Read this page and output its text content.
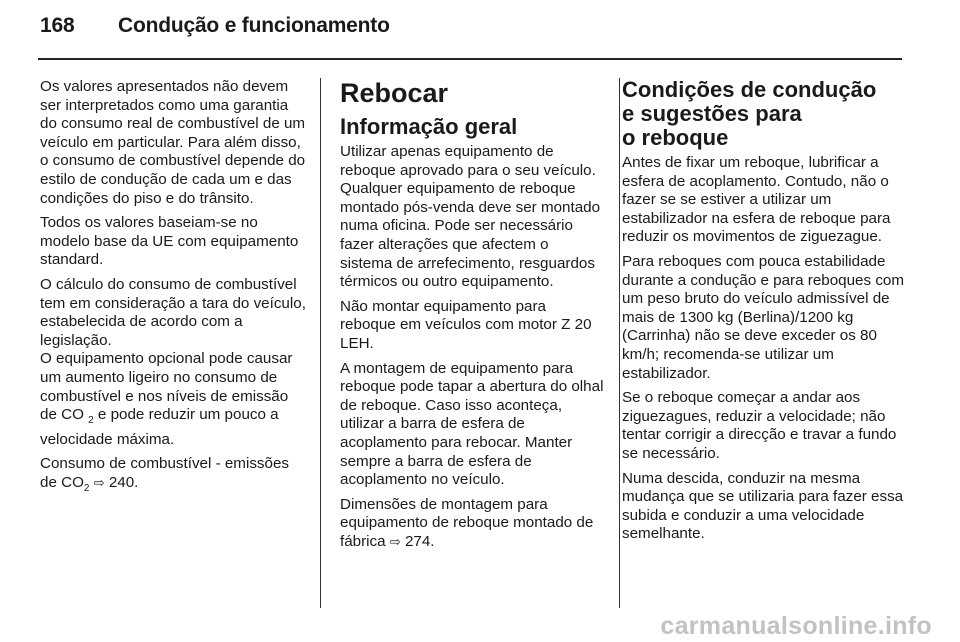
168 Condução e funcionamento

Os valores apresentados não devem ser interpretados como uma garantia do consumo real de combustível de um veículo em particular. Para além disso, o consumo de combustível depende do estilo de condução de cada um e das condições do piso e do trânsito.

Todos os valores baseiam-se no modelo base da UE com equipamento standard.

O cálculo do consumo de combustível tem em consideração a tara do veículo, estabelecida de acordo com a legislação.

O equipamento opcional pode causar um aumento ligeiro no consumo de combustível e nos níveis de emissão de CO $_2$ e pode reduzir um pouco a velocidade máxima.

Consumo de combustível - emissões de $CO_2$ ⇨ 240.

Rebocar
Informação geral

Utilizar apenas equipamento de reboque aprovado para o seu veículo. Qualquer equipamento de reboque montado pós-venda deve ser montado numa oficina. Pode ser necessário fazer alterações que afectem o sistema de arrefecimento, resguardos térmicos ou outro equipamento.

Não montar equipamento para reboque em veículos com motor Z 20 LEH.

A montagem de equipamento para reboque pode tapar a abertura do olhal de reboque. Caso isso aconteça, utilizar a barra de esfera de acoplamento para rebocar. Manter sempre a barra de esfera de acoplamento no veículo.

Dimensões de montagem para equipamento de reboque montado de fábrica ⇨ 274.

Condições de condução
e sugestões para
o reboque

Antes de fixar um reboque, lubrificar a esfera de acoplamento. Contudo, não o fazer se se estiver a utilizar um estabilizador na esfera de reboque para reduzir os movimentos de ziguezague.

Para reboques com pouca estabilidade durante a condução e para reboques com um peso bruto do veículo admissível de mais de 1300 kg (Berlina)/1200 kg (Carrinha) não se deve exceder os 80 km/h; recomenda-se utilizar um estabilizador.

Se o reboque começar a andar aos ziguezagues, reduzir a velocidade; não tentar corrigir a direcção e travar a fundo se necessário.

Numa descida, conduzir na mesma mudança que se utilizaria para fazer essa subida e conduzir a uma velocidade semelhante.

carmanualsonline.info
